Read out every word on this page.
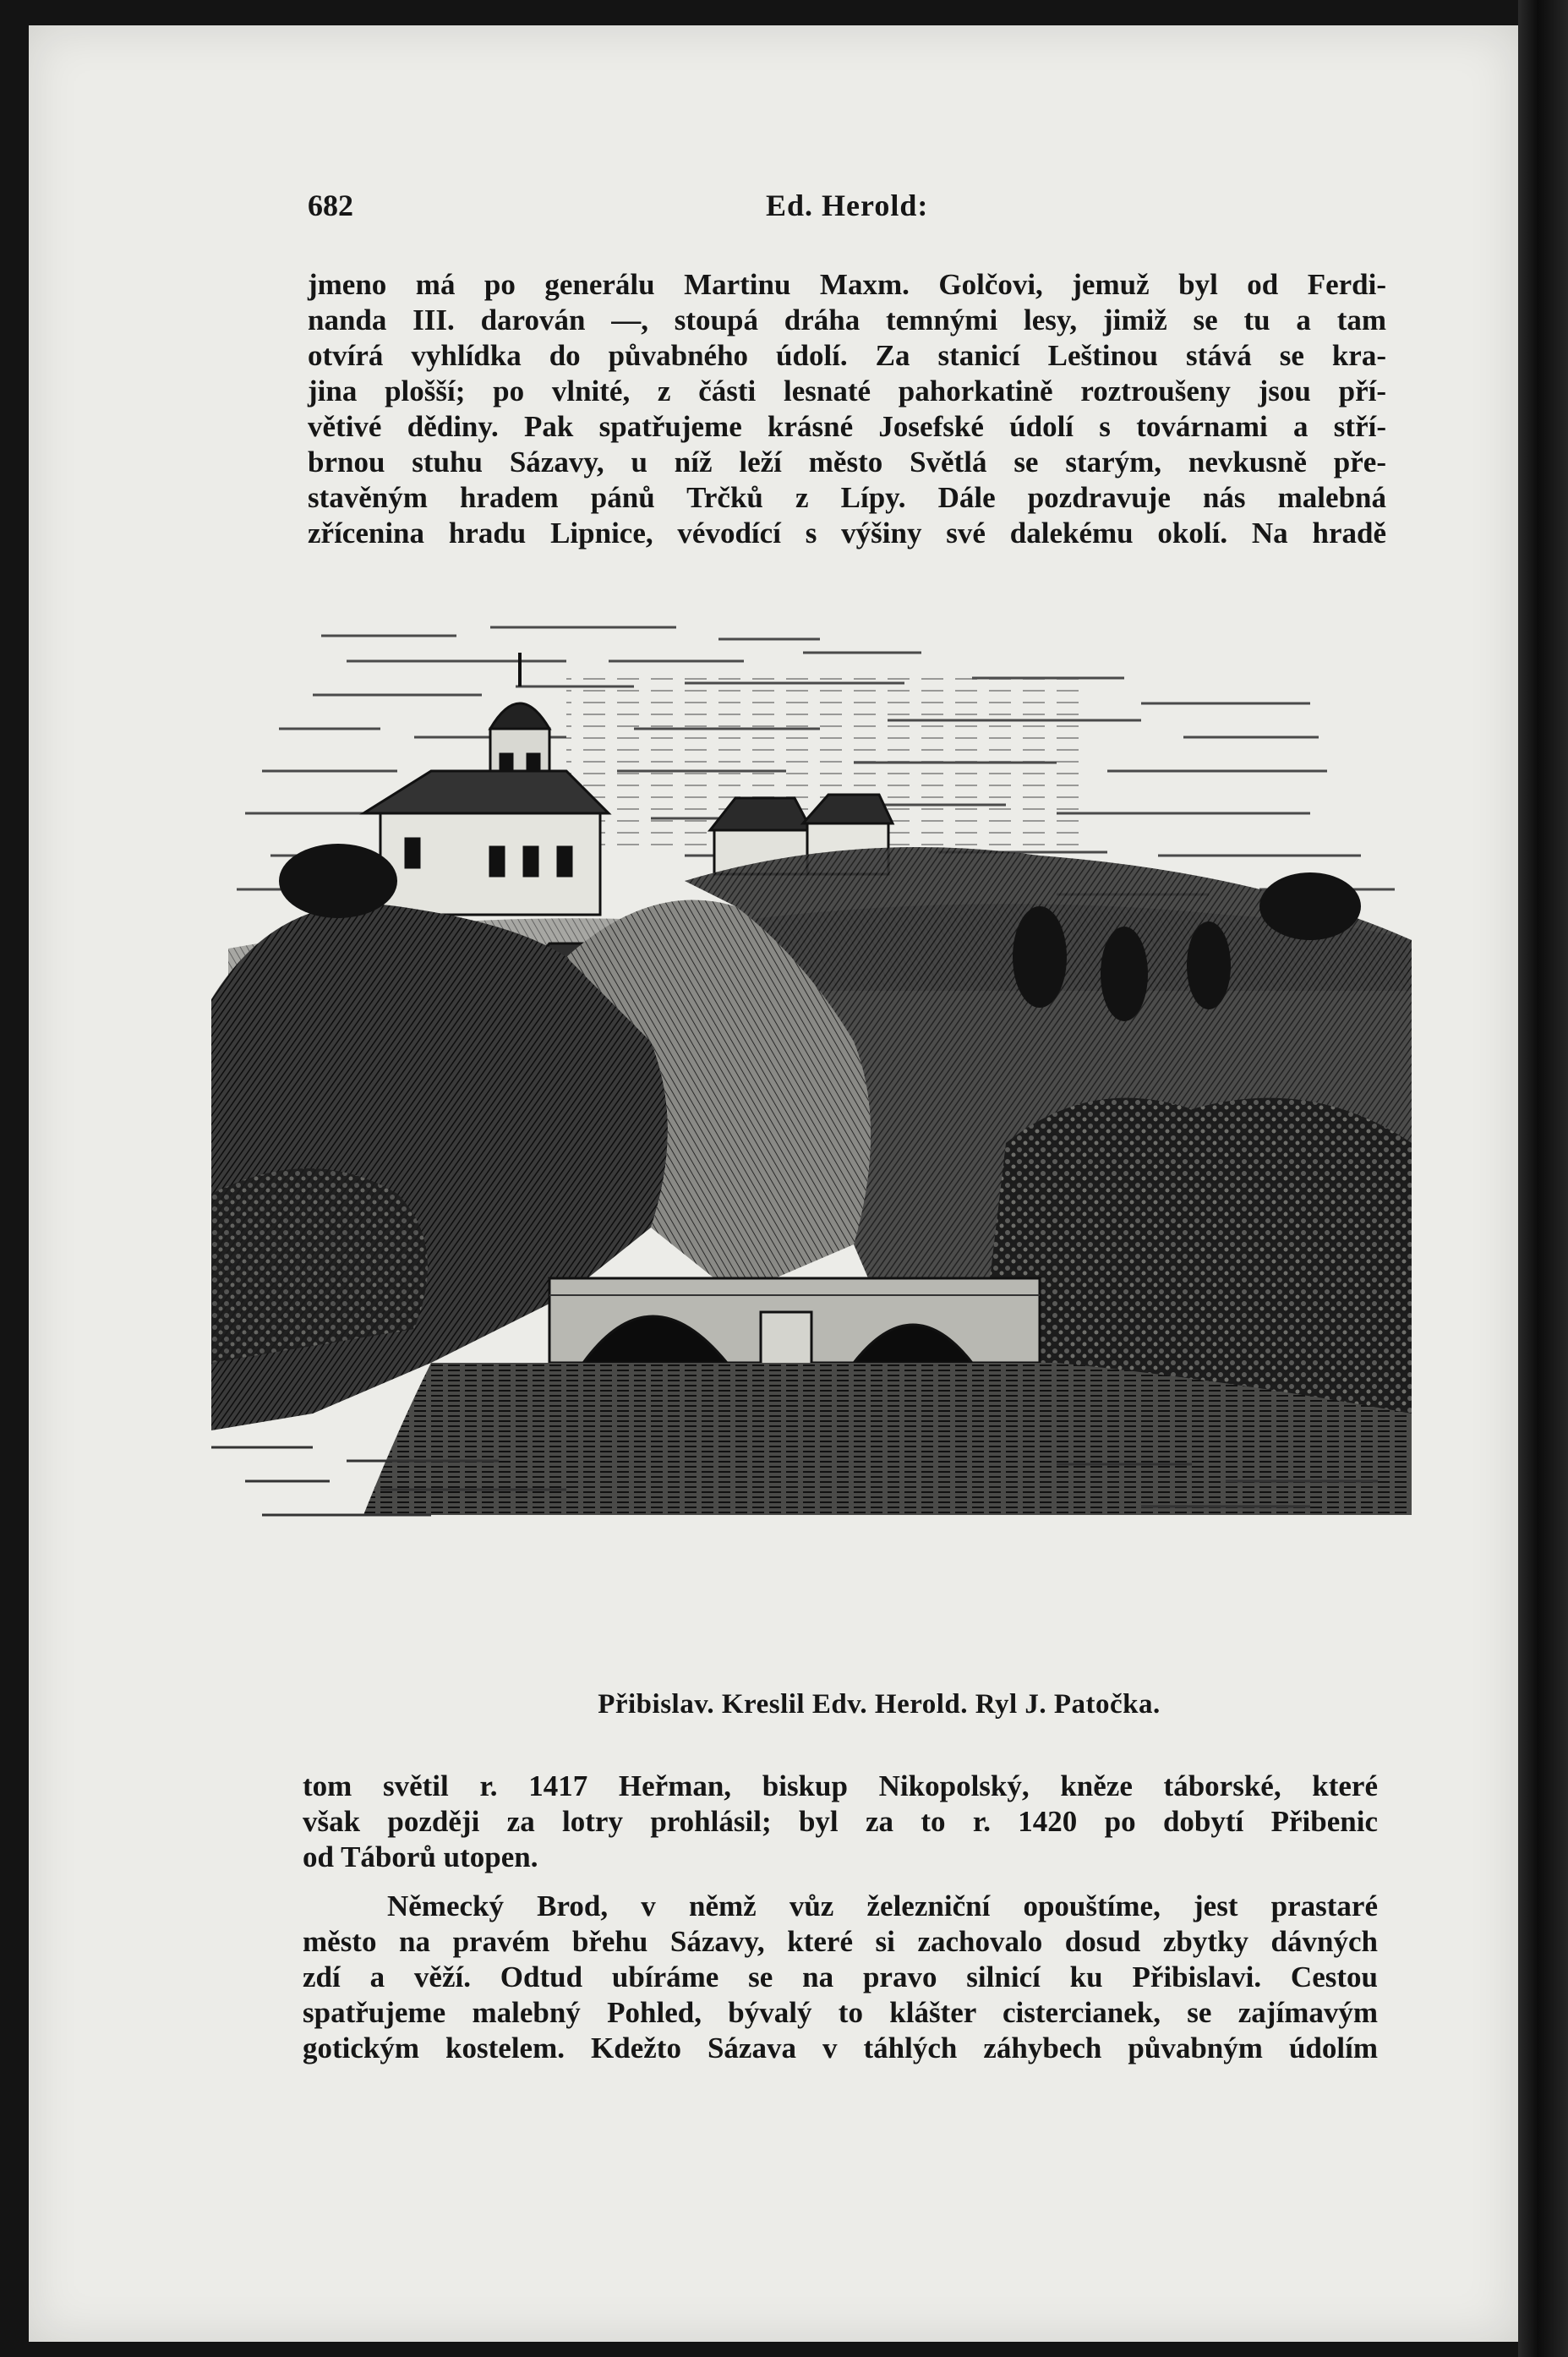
682	Ed. Herold:
jmeno má po generálu Martinu Maxm. Golčovi, jemuž byl od Ferdi-
nanda III. darován —, stoupá dráha temnými lesy, jimiž se tu a tam
otvírá vyhlídka do půvabného údolí. Za stanicí Leštinou stává se kra-
jina plošší; po vlnité, z části lesnaté pahorkatině roztroušeny jsou pří-
větivé dědiny. Pak spatřujeme krásné Josefské údolí s továrnami a stří-
brnou stuhu Sázavy, u níž leží město Světlá se starým, nevkusně pře-
stavěným hradem pánů Trčků z Lípy. Dále pozdravuje nás malebná
zřícenina hradu Lipnice, vévodící s výšiny své dalekému okolí. Na hradě
Přibislav. Kreslil Edv. Herold. Ryl J. Patočka.
tom světil r. 1417 Heřman, biskup Nikopolský, kněze táborské, které
však později za lotry prohlásil; byl za to r. 1420 po dobytí Přibenic
od Táborů utopen.
Německý Brod, v němž vůz železniční opouštíme, jest prastaré
město na pravém břehu Sázavy, které si zachovalo dosud zbytky dávných
zdí a věží. Odtud ubíráme se na pravo silnicí ku Přibislavi. Cestou
spatřujeme malebný Pohled, bývalý to klášter cistercianek, se zajímavým
gotickým kostelem. Kdežto Sázava v táhlých záhybech půvabným údolím
